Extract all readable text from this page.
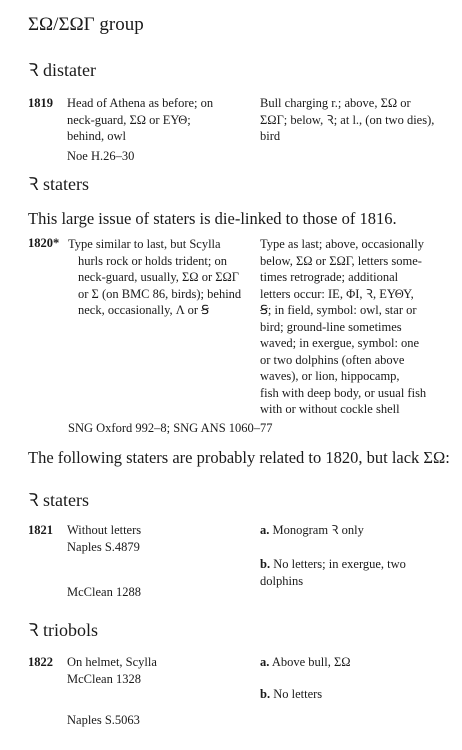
ΣΩ/ΣΩΓ group
Ꝛ distater
1819 Head of Athena as before; on
neck-guard, ΣΩ or ΕΥΘ;
behind, owl
Noe H.26–30
Bull charging r.; above, ΣΩ or
ΣΩΓ; below, Ꝛ; at l., (on two dies),
bird
Ꝛ staters
This large issue of staters is die-linked to those of 1816.
1820* Type similar to last, but Scylla
hurls rock or holds trident; on
neck-guard, usually, ΣΩ or ΣΩΓ
or Σ (on BMC 86, birds); behind
neck, occasionally, Λ or Ꞩ
Type as last; above, occasionally
below, ΣΩ or ΣΩΓ, letters some-
times retrograde; additional
letters occur: ΙΕ, ΦΙ, Ꝛ, ΕΥΘΥ,
Ꞩ; in field, symbol: owl, star or
bird; ground-line sometimes
waved; in exergue, symbol: one
or two dolphins (often above
waves), or lion, hippocamp,
fish with deep body, or usual fish
with or without cockle shell
SNG Oxford 992–8; SNG ANS 1060–77
The following staters are probably related to 1820, but lack ΣΩ:
Ꝛ staters
1821 Without letters
Naples S.4879
McClean 1288
a. Monogram Ꝛ only
b. No letters; in exergue, two
dolphins
Ꝛ triobols
1822 On helmet, Scylla
McClean 1328
Naples S.5063
a. Above bull, ΣΩ
b. No letters
